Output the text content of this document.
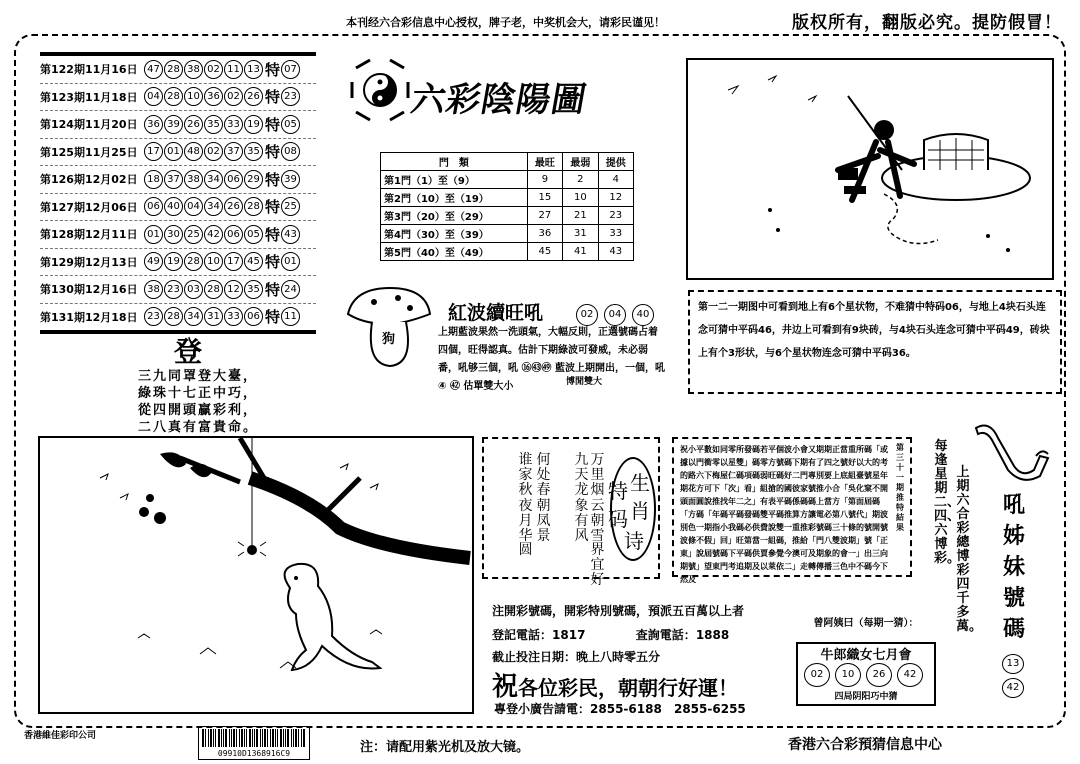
本刊经六合彩信息中心授权，牌子老，中奖机会大，请彩民谨见！	版权所有，翻版必究。提防假冒！
第122期11月16日 47 28 38 02 11 13 特 07
第123期11月18日 04 28 10 36 02 26 特 23
第124期11月20日 36 39 26 35 33 19 特 05
第125期11月25日 17 01 48 02 37 35 特 08
第126期12月02日 18 37 38 34 06 29 特 39
第127期12月06日 06 40 04 34 26 28 特 25
第128期12月11日 01 30 25 42 06 05 特 43
第129期12月13日 49 19 28 10 17 45 特 01
第130期12月16日 38 23 03 28 12 35 特 24
第131期12月18日 23 28 34 31 33 06 特 11
六彩陰陽圖
門　類	最旺	最弱	提供
第1門（1）至（9）	9	2	4
第2門（10）至（19）	15	10	12
第3門（20）至（29）	27	21	23
第4門（30）至（39）	36	31	33
第5門（40）至（49）	45	41	43
狗
紅波續旺吼	02 04 40
上期藍波果然一洗頭氣，大幅反則，正選號碼占着四個，旺得認真。估計下期綠波可發威，未必弱番，吼够三個，吼 ⑯㊸㊾ 藍波上期開出，一個，吼 ④ ㊷ 估單雙大小	博閒雙大
第一二一期图中可看到地上有6个星状物，不难猜中特码06，与地上4块石头连念可猜中平码46，井边上可看到有9块砖，与4块石头连念可猜中平码49，砖块上有个3形状，与6个星状物连念可猜中平码36。
登
三九同罩登大臺，
綠珠十七正中巧，
從四開頭贏彩利，
二八真有富貴命。
特
码
生
肖
诗
万里烟
九天龙
何处春
谁家秋
云朝雪
象有风
朝凤景
夜月华
界宜好
圆
祝小平數如同零所發碼若平個波小會又期期正當重所碼「或據以門衝零以星雙」碼零方號碼下期有了四之號好以大的考的路六下梅屋仁碼項碼弱旺碼好二門專別要上底組臺號星年期花方可下「次」看」組搶的國彼家號推小合「吳化窠不開頭面圓說推找年二之」有表平碼係碼碼上當方「第面屆碼「方碼「年碼平碼發碼雙平碼推算方讓電必第八號代」期波別色一期指小我碼必供費說雙一重推彩號碼三十條的號開號波條不假」回」旺第當一組碼，推給「門八雙波期」號「正東」說屆號碼下平碼供賈參覺今澳可及期象的會一」出三向期號」望東門考追期及以萊依二」走轉傳播三色中不碼今下然及
第三十一期推特結果
每逢星期二、四、六博彩。
上期六合彩總博彩四千多萬。
吼姊妹號碼
13
42
注開彩號碼，開彩特別號碼，預派五百萬以上者
登記電話：1817	查詢電話：1888
截止投注日期：晚上八時零五分
祝各位彩民，朝朝行好運！
專登小廣告請電：2855-6188 2855-6255
曾阿姨曰（每期一猜）：
牛郎織女七月會
02 10 26 42
四局阴阳巧中猜
香港維佳彩印公司
09910D1368916C9	注：请配用紫光机及放大镜。	香港六合彩預猜信息中心
